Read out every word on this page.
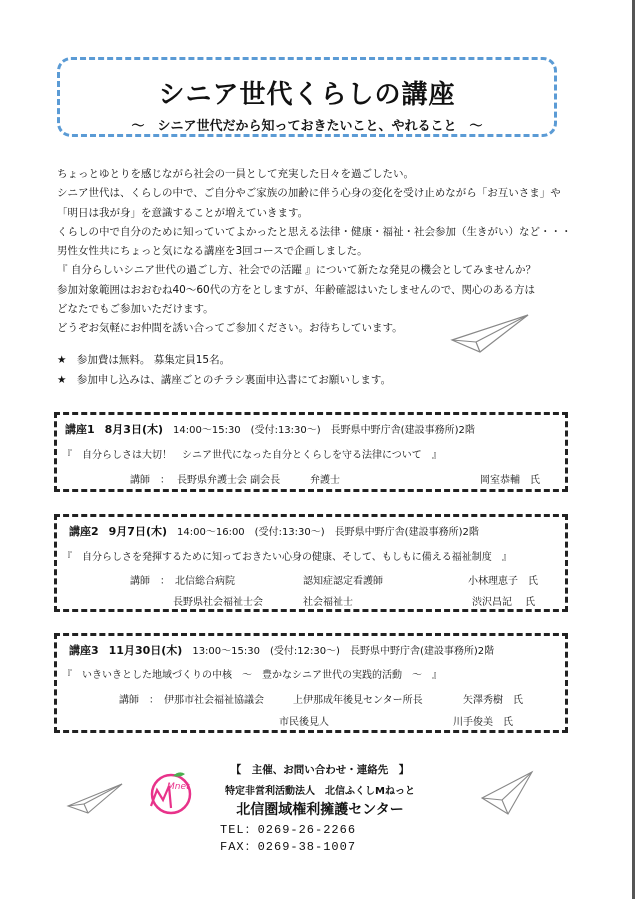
シニア世代くらしの講座
～　シニア世代だから知っておきたいこと、やれること　～
ちょっとゆとりを感じながら社会の一員として充実した日々を過ごしたい。
シニア世代は、くらしの中で、ご自分やご家族の加齢に伴う心身の変化を受け止めながら「お互いさま」や
「明日は我が身」を意識することが増えていきます。
くらしの中で自分のために知っていてよかったと思える法律・健康・福祉・社会参加（生きがい）など・・・
男性女性共にちょっと気になる講座を3回コースで企画しました。
『 自分らしいシニア世代の過ごし方、社会での活躍 』について新たな発見の機会としてみませんか？
参加対象範囲はおおむね40～60代の方をとしますが、年齢確認はいたしませんので、関心のある方は
どなたでもご参加いただけます。
どうぞお気軽にお仲間を誘い合ってご参加ください。お待ちしています。
★　参加費は無料。 募集定員15名。
★　参加申し込みは、講座ごとのチラシ裏面申込書にてお願いします。
講座1　 8月3日(木)　 14:00～15:30　(受付:13:30～)　 長野県中野庁舎(建設事務所)2階
『　自分らしさは大切！　シニア世代になった自分とくらしを守る法律について　』
講師　： 長野県弁護士会 副会長	弁護士	岡室恭輔　氏
講座2　 9月7日(木)　 14:00～16:00　(受付:13:30～)　 長野県中野庁舎(建設事務所)2階
『　自分らしさを発揮するために知っておきたい心身の健康、そして、もしもに備える福祉制度　』
講師　： 北信総合病院	認知症認定看護師	小林理恵子　氏
長野県社会福祉士会	社会福祉士	渋沢昌記　 氏
講座3　 11月30日(木)　 13:00～15:30　(受付:12:30～)　 長野県中野庁舎(建設事務所)2階
『　いきいきとした地域づくりの中核　～　豊かなシニア世代の実践的活動　～　』
講師　： 伊那市社会福祉協議会	上伊那成年後見センター所長	矢澤秀樹　氏
市民後見人	川手俊美　氏
Mnet
【　主催、お問い合わせ・連絡先　】
特定非営利活動法人　北信ふくしMねっと
北信圏域権利擁護センター
TEL：0269-26-2266
FAX：0269-38-1007
